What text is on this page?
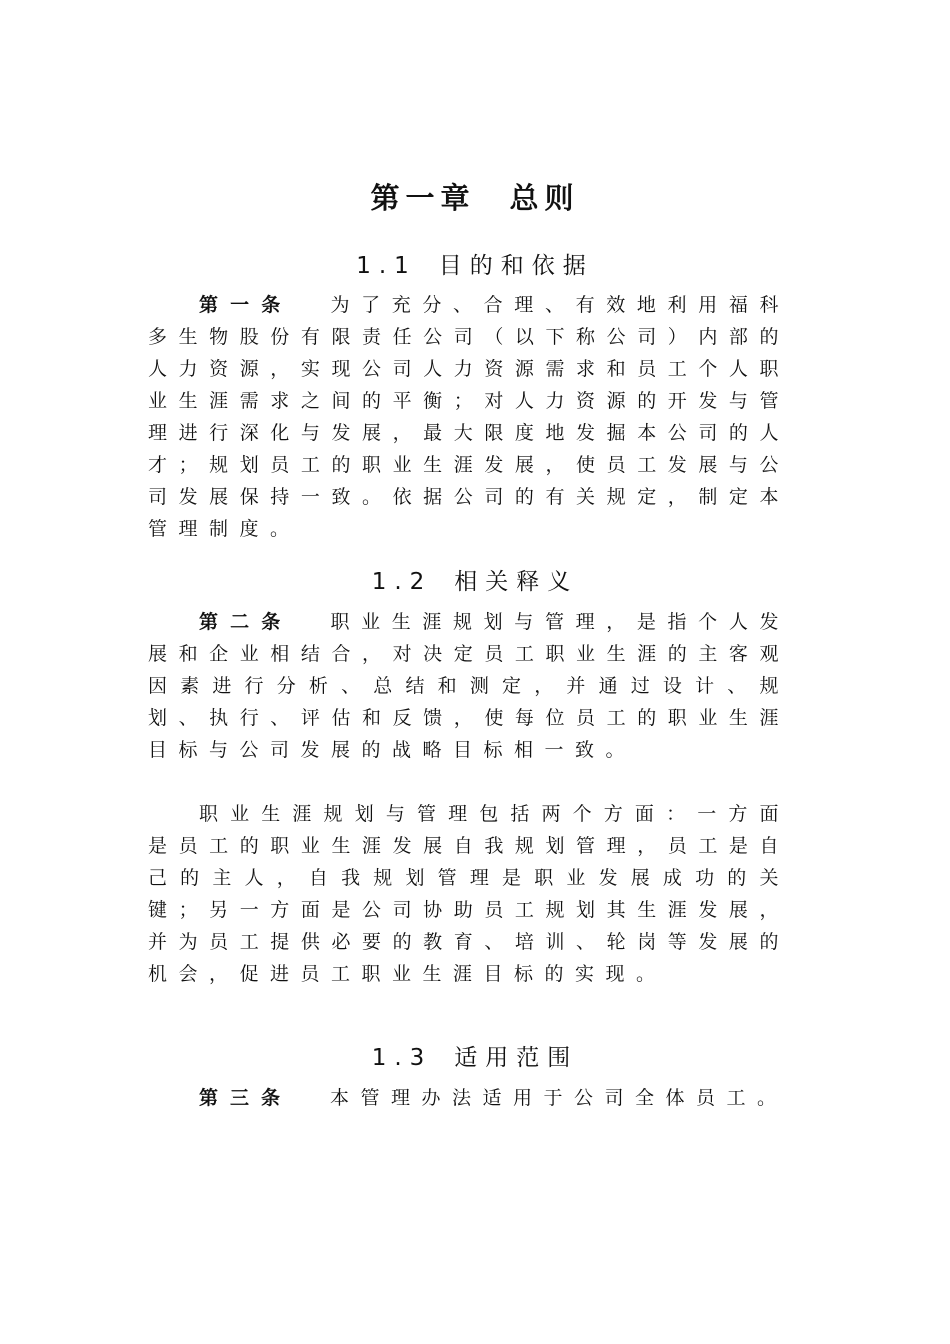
第一章 总则
1.1 目的和依据

第一条 为了充分、合理、有效地利用福科多生物股份有限责任公司（以下称公司）内部的人力资源，实现公司人力资源需求和员工个人职业生涯需求之间的平衡；对人力资源的开发与管理进行深化与发展，最大限度地发掘本公司的人才；规划员工的职业生涯发展，使员工发展与公司发展保持一致。依据公司的有关规定，制定本管理制度。

1.2 相关释义

第二条 职业生涯规划与管理，是指个人发展和企业相结合，对决定员工职业生涯的主客观因素进行分析、总结和测定，并通过设计、规划、执行、评估和反馈，使每位员工的职业生涯目标与公司发展的战略目标相一致。

职业生涯规划与管理包括两个方面：一方面是员工的职业生涯发展自我规划管理，员工是自己的主人，自我规划管理是职业发展成功的关键；另一方面是公司协助员工规划其生涯发展，并为员工提供必要的教育、培训、轮岗等发展的机会，促进员工职业生涯目标的实现。

1.3 适用范围

第三条 本管理办法适用于公司全体员工。
